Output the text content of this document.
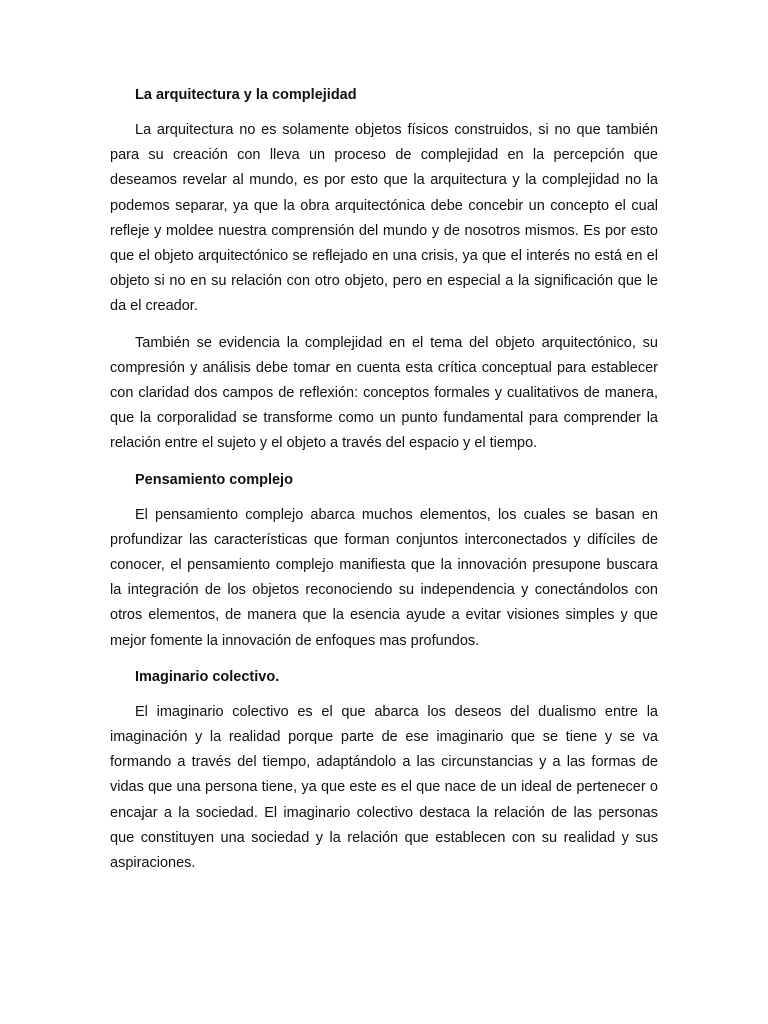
La arquitectura y la complejidad

La arquitectura no es solamente objetos físicos construidos, si no que también para su creación con lleva un proceso de complejidad en la percepción que deseamos revelar al mundo, es por esto que la arquitectura y la complejidad no la podemos separar, ya que la obra arquitectónica debe concebir un concepto el cual refleje y moldee nuestra comprensión del mundo y de nosotros mismos. Es por esto que el objeto arquitectónico se reflejado en una crisis, ya que el interés no está en el objeto si no en su relación con otro objeto, pero en especial a la significación que le da el creador.

También se evidencia la complejidad en el tema del objeto arquitectónico, su compresión y análisis debe tomar en cuenta esta crítica conceptual para establecer con claridad dos campos de reflexión: conceptos formales y cualitativos de manera, que la corporalidad se transforme como un punto fundamental para comprender la relación entre el sujeto y el objeto a través del espacio y el tiempo.

Pensamiento complejo

El pensamiento complejo abarca muchos elementos, los cuales se basan en profundizar las características que forman conjuntos interconectados y difíciles de conocer, el pensamiento complejo manifiesta que la innovación presupone buscara la integración de los objetos reconociendo su independencia y conectándolos con otros elementos, de manera que la esencia ayude a evitar visiones simples y que mejor fomente la innovación de enfoques mas profundos.

Imaginario colectivo.

El imaginario colectivo es el que abarca los deseos del dualismo entre la imaginación y la realidad porque parte de ese imaginario que se tiene y se va formando a través del tiempo, adaptándolo a las circunstancias y a las formas de vidas que una persona tiene, ya que este es el que nace de un ideal de pertenecer o encajar a la sociedad. El imaginario colectivo destaca la relación de las personas que constituyen una sociedad y la relación que establecen con su realidad y sus aspiraciones.
